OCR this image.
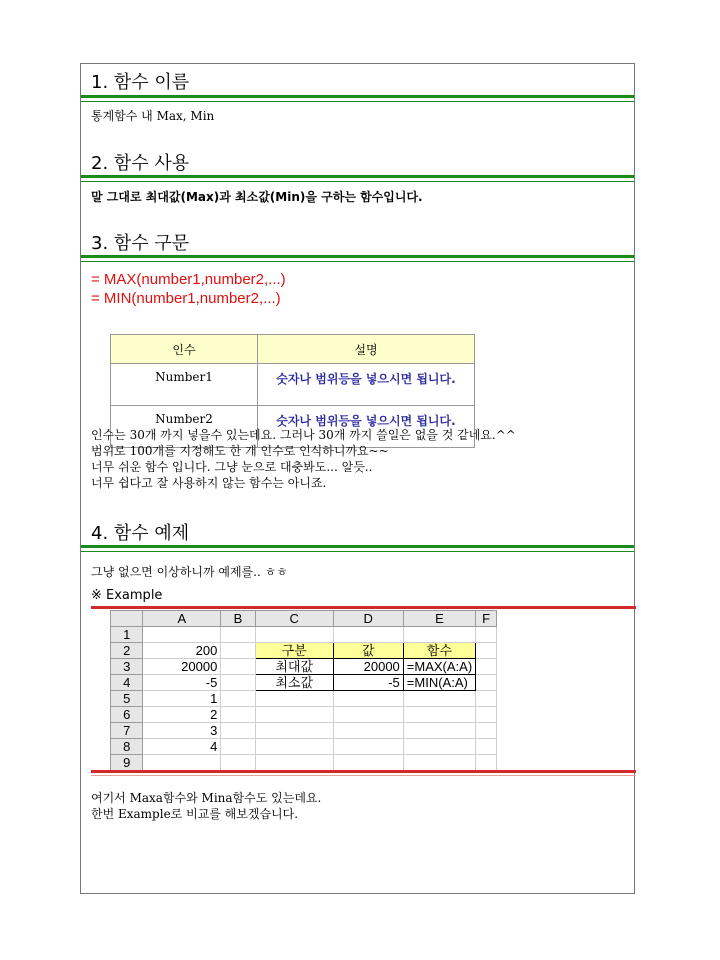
1. 함수 이름
통계함수 내 Max, Min
2. 함수 사용
말 그대로 최대값(Max)과 최소값(Min)을 구하는 함수입니다.
3. 함수 구문
= MAX(number1,number2,...)
= MIN(number1,number2,...)
인수	설명
Number1	숫자나 범위등을 넣으시면 됩니다.
Number2	숫자나 범위등을 넣으시면 됩니다.
인수는 30개 까지 넣을수 있는데요. 그러나 30개 까지 쓸일은 없을 것 같네요.^^
범위로 100개를 지정해도 한 개 인수로 인식하니까요~~
너무 쉬운 함수 입니다. 그냥 눈으로 대충봐도... 알듯..
너무 쉽다고 잘 사용하지 않는 함수는 아니죠.
4. 함수 예제
그냥 없으면 이상하니까 예제를.. ㅎㅎ
※ Example
	A	B	C	D	E	F
1						
2	200		구분	값	함수	
3	20000		최대값	20000	=MAX(A:A)	
4	-5		최소값	-5	=MIN(A:A)	
5	1					
6	2					
7	3					
8	4					
9						
여기서 Maxa함수와 Mina함수도 있는데요.
한번 Example로 비교를 해보겠습니다.
